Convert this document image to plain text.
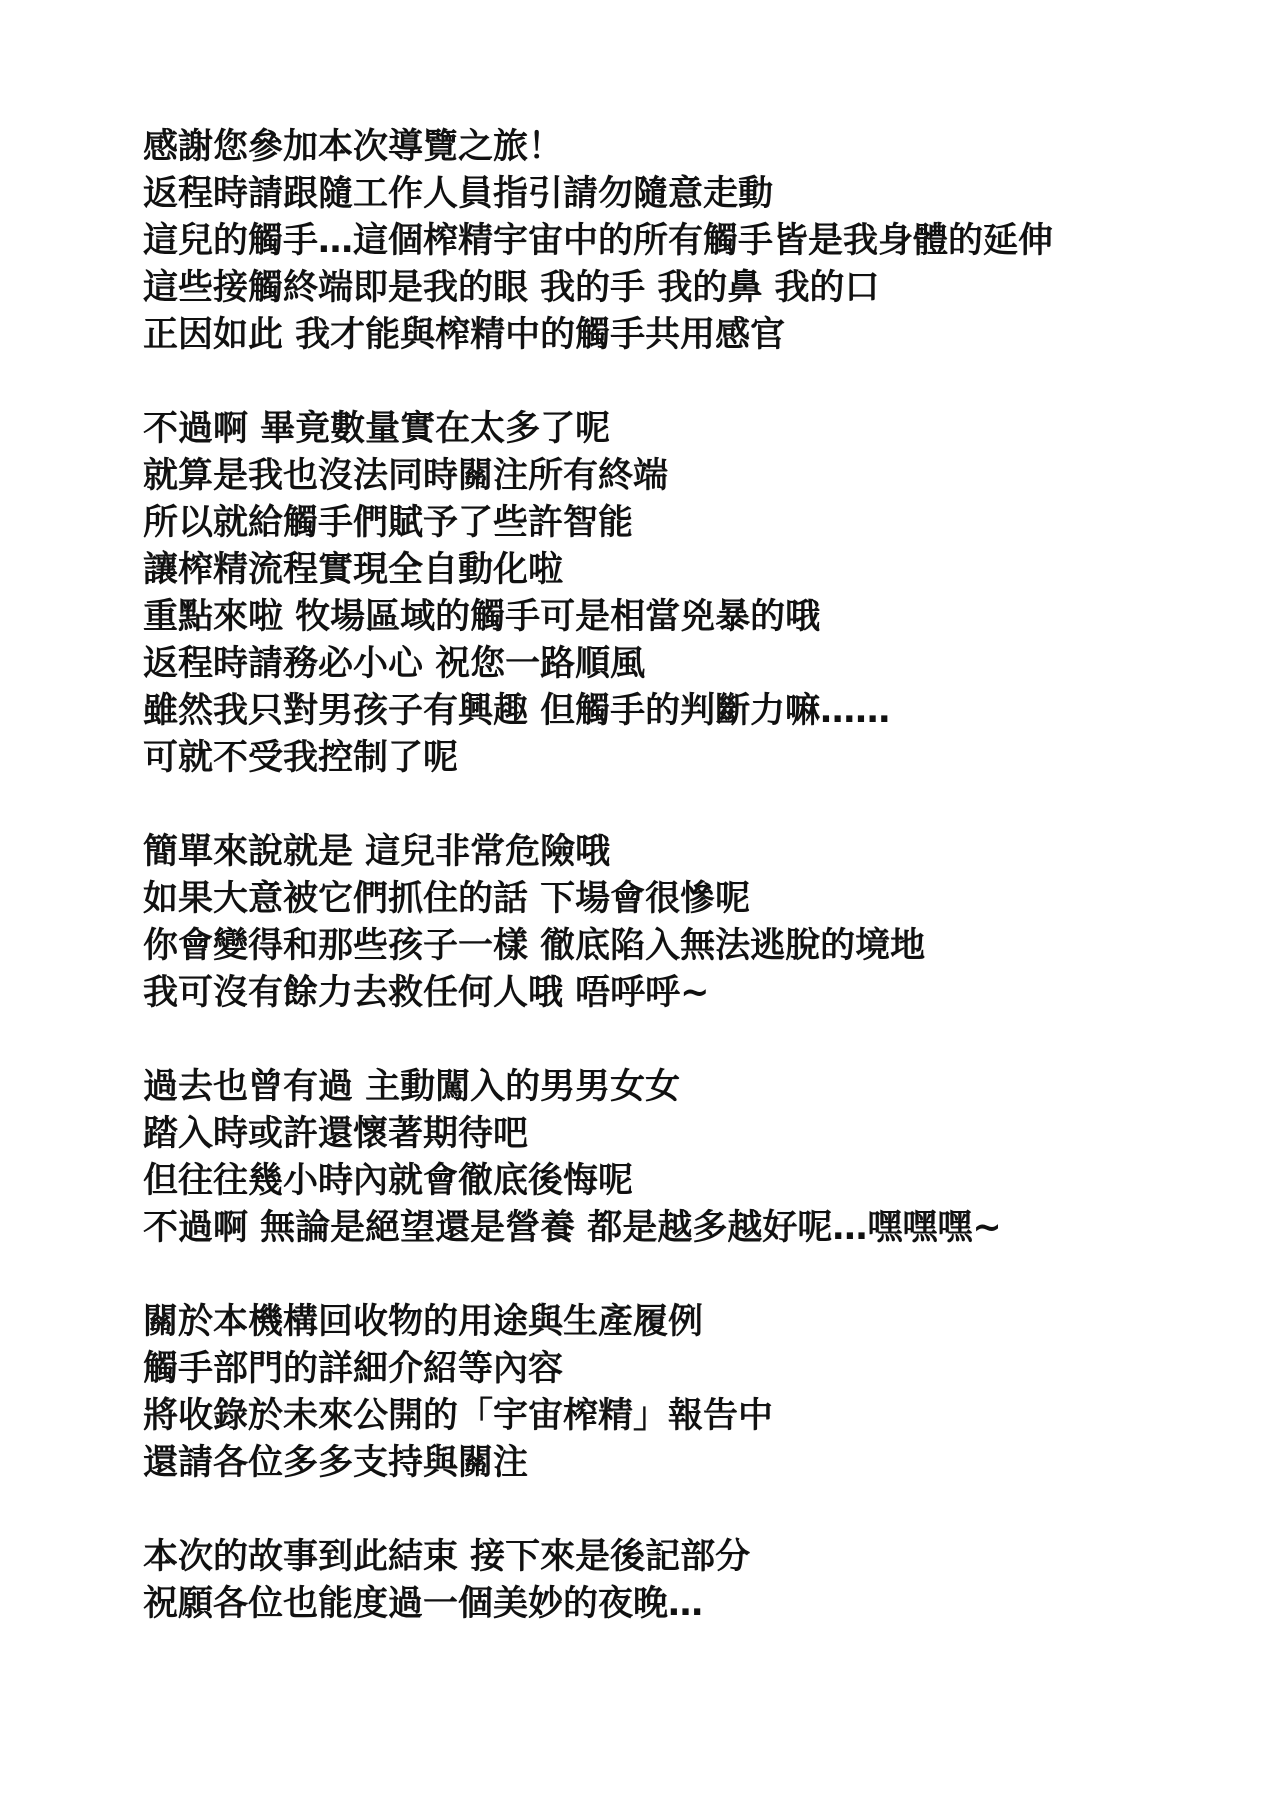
感謝您參加本次導覽之旅！
返程時請跟隨工作人員指引請勿隨意走動
這兒的觸手…這個榨精宇宙中的所有觸手皆是我身體的延伸
這些接觸終端即是我的眼 我的手 我的鼻 我的口
正因如此 我才能與榨精中的觸手共用感官
不過啊 畢竟數量實在太多了呢
就算是我也沒法同時關注所有終端
所以就給觸手們賦予了些許智能
讓榨精流程實現全自動化啦
重點來啦 牧場區域的觸手可是相當兇暴的哦
返程時請務必小心 祝您一路順風
雖然我只對男孩子有興趣 但觸手的判斷力嘛……
可就不受我控制了呢
簡單來說就是 這兒非常危險哦
如果大意被它們抓住的話 下場會很慘呢
你會變得和那些孩子一樣 徹底陷入無法逃脫的境地
我可沒有餘力去救任何人哦 唔呼呼~
過去也曾有過 主動闖入的男男女女
踏入時或許還懷著期待吧
但往往幾小時內就會徹底後悔呢
不過啊 無論是絕望還是營養 都是越多越好呢…嘿嘿嘿~
關於本機構回收物的用途與生產履例
觸手部門的詳細介紹等內容
將收錄於未來公開的「宇宙榨精」報告中
還請各位多多支持與關注
本次的故事到此結束 接下來是後記部分
祝願各位也能度過一個美妙的夜晚…
